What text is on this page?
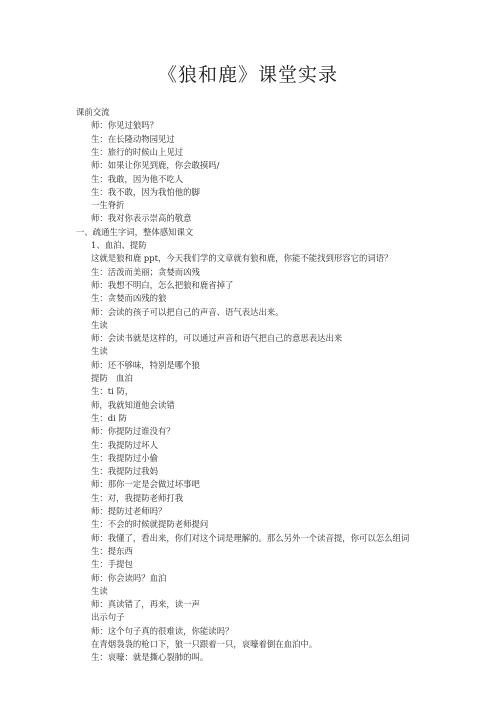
《狼和鹿》课堂实录
课前交流
师：你见过狼吗？
生：在长隆动物园见过
生：旅行的时候山上见过
师：如果让你见到鹿，你会敢摸吗/
生：我敢，因为他不吃人
生：我不敢，因为我怕他的脚
一生脊折
师：我对你表示崇高的敬意
一、疏通生字词，整体感知课文
1、血泊、提防
这就是狼和鹿 ppt，今天我们学的文章就有狼和鹿，你能不能找到形容它的词语？
生：活泼而美丽；贪婪而凶残
师：我想不明白，怎么把狼和鹿省掉了
生：贪婪而凶残的狼
师：会读的孩子可以把自己的声音、语气表达出来。
生读
师：会读书就是这样的，可以通过声音和语气把自己的意思表达出来
生读
师：还不够味，特别是哪个狼
提防　血泊
生：ti 防，
师，我就知道他会读错
生：di 防
师：你提防过谁没有？
生：我提防过坏人
生：我提防过小偷
生：我提防过我妈
师：那你一定是会做过坏事吧
生：对，我提防老师打我
师：提防过老师吗？
生：不会的时候就提防老师提问
师：我懂了，看出来，你们对这个词是理解的。那么另外一个读音提，你可以怎么组词
生：提东西
生：手提包
师：你会读吗？血泊
生读
师：真读错了，再来，读一声
出示句子
师：这个句子真的很难读，你能读吗？
在青烟袅袅的枪口下，狼一只跟着一只，哀嚎着倒在血泊中。
生：哀嚎：就是撕心裂肺的叫。
